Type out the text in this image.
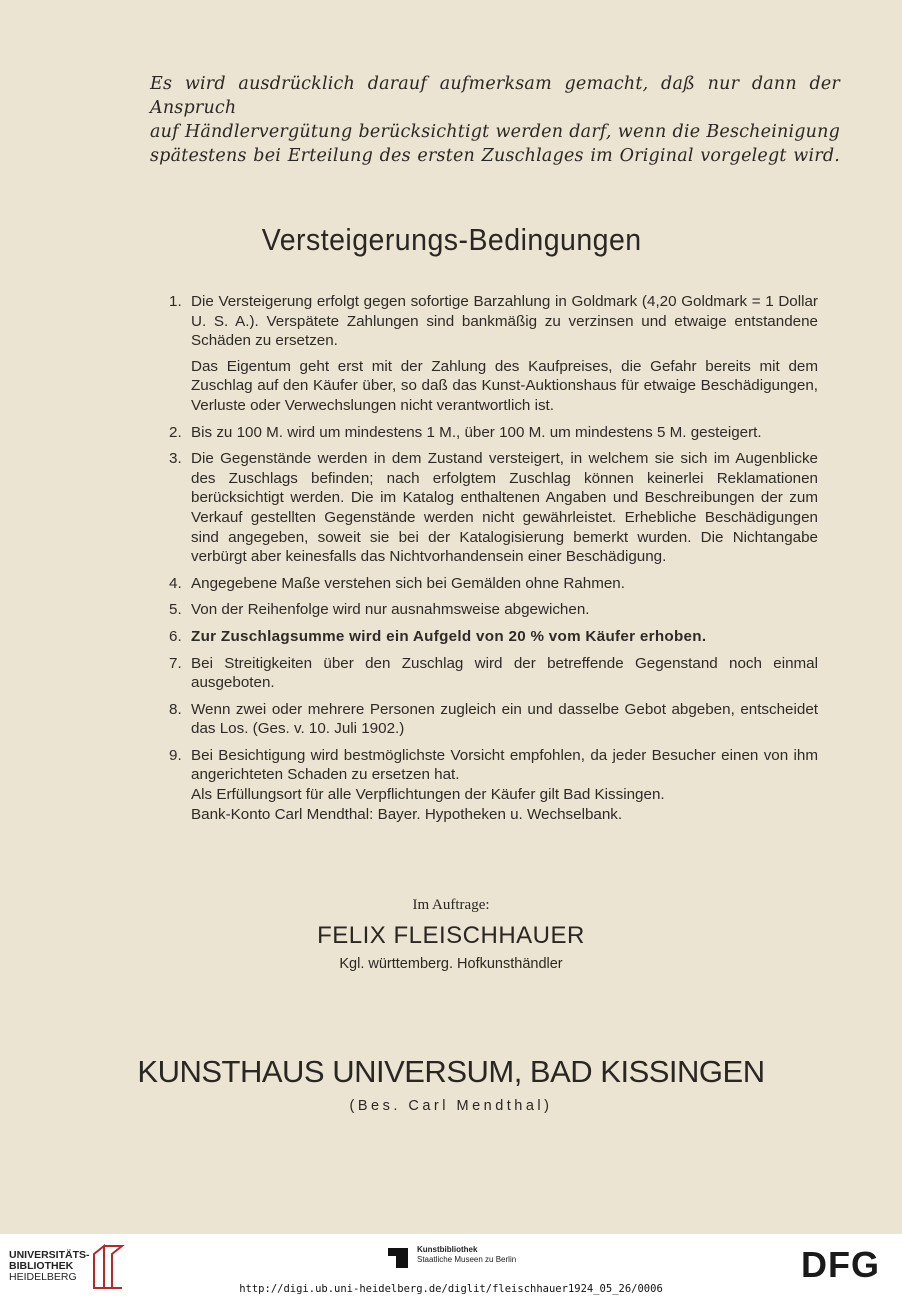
Es wird ausdrücklich darauf aufmerksam gemacht, daß nur dann der Anspruch
auf Händlervergütung berücksichtigt werden darf, wenn die Bescheinigung
spätestens bei Erteilung des ersten Zuschlages im Original vorgelegt wird.
Versteigerungs-Bedingungen
1. Die Versteigerung erfolgt gegen sofortige Barzahlung in Goldmark (4,20 Goldmark = 1 Dollar U. S. A.). Verspätete Zahlungen sind bankmäßig zu verzinsen und etwaige entstandene Schäden zu ersetzen.

Das Eigentum geht erst mit der Zahlung des Kaufpreises, die Gefahr bereits mit dem Zuschlag auf den Käufer über, so daß das Kunst-Auktionshaus für etwaige Beschädigungen, Verluste oder Verwechslungen nicht verantwortlich ist.

2. Bis zu 100 M. wird um mindestens 1 M., über 100 M. um mindestens 5 M. gesteigert.

3. Die Gegenstände werden in dem Zustand versteigert, in welchem sie sich im Augenblicke des Zuschlags befinden; nach erfolgtem Zuschlag können keinerlei Reklamationen berücksichtigt werden. Die im Katalog enthaltenen Angaben und Beschreibungen der zum Verkauf gestellten Gegenstände werden nicht gewährleistet. Erhebliche Beschädigungen sind angegeben, soweit sie bei der Katalogisierung bemerkt wurden. Die Nichtangabe verbürgt aber keinesfalls das Nichtvorhandensein einer Beschädigung.

4. Angegebene Maße verstehen sich bei Gemälden ohne Rahmen.

5. Von der Reihenfolge wird nur ausnahmsweise abgewichen.

6. Zur Zuschlagsumme wird ein Aufgeld von 20 % vom Käufer erhoben.

7. Bei Streitigkeiten über den Zuschlag wird der betreffende Gegenstand noch einmal ausgeboten.

8. Wenn zwei oder mehrere Personen zugleich ein und dasselbe Gebot abgeben, entscheidet das Los. (Ges. v. 10. Juli 1902.)

9. Bei Besichtigung wird bestmöglichste Vorsicht empfohlen, da jeder Besucher einen von ihm angerichteten Schaden zu ersetzen hat.

Als Erfüllungsort für alle Verpflichtungen der Käufer gilt Bad Kissingen.

Bank-Konto Carl Mendthal: Bayer. Hypotheken u. Wechselbank.

Im Auftrage:
FELIX FLEISCHHAUER
Kgl. württemberg. Hofkunsthändler
KUNSTHAUS UNIVERSUM, BAD KISSINGEN
(Bes. Carl Mendthal)
UNIVERSITÄTS-
BIBLIOTHEK
HEIDELBERG
Kunstbibliothek
Staatliche Museen zu Berlin	DFG
http://digi.ub.uni-heidelberg.de/diglit/fleischhauer1924_05_26/0006
